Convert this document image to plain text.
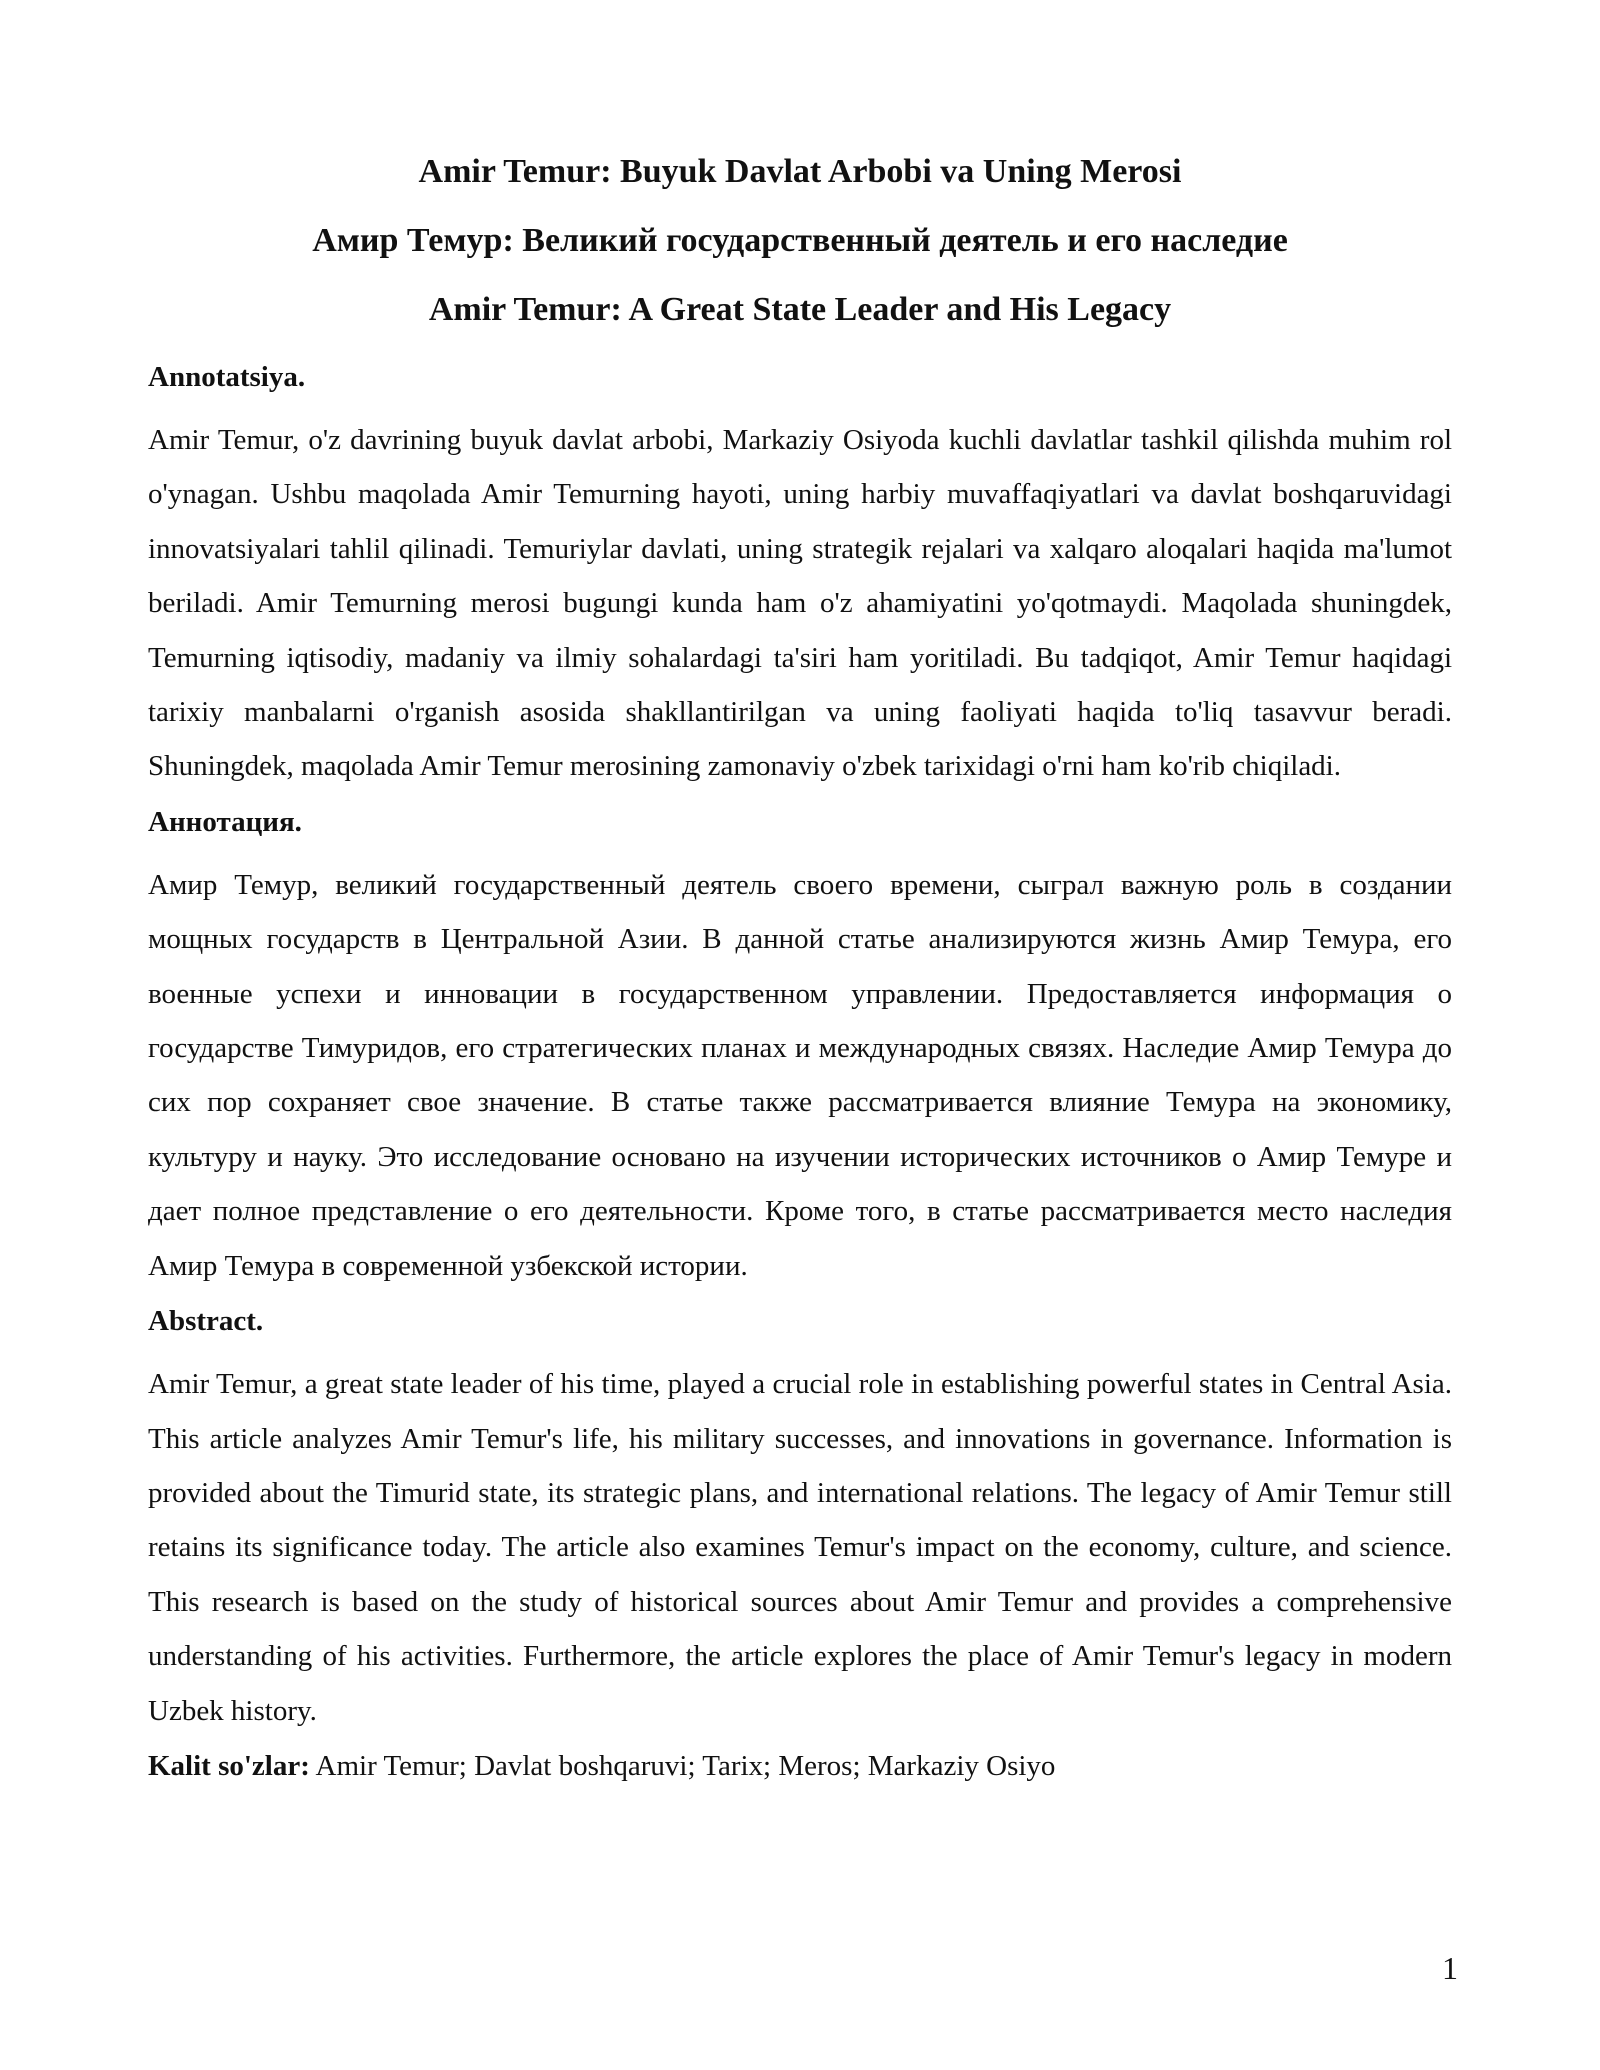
Amir Temur: Buyuk Davlat Arbobi va Uning Merosi
Амир Темур: Великий государственный деятель и его наследие
Amir Temur: A Great State Leader and His Legacy
Annotatsiya.

Amir Temur, o'z davrining buyuk davlat arbobi, Markaziy Osiyoda kuchli davlatlar tashkil qilishda muhim rol o'ynagan. Ushbu maqolada Amir Temurning hayoti, uning harbiy muvaffaqiyatlari va davlat boshqaruvidagi innovatsiyalari tahlil qilinadi. Temuriylar davlati, uning strategik rejalari va xalqaro aloqalari haqida ma'lumot beriladi. Amir Temurning merosi bugungi kunda ham o'z ahamiyatini yo'qotmaydi. Maqolada shuningdek, Temurning iqtisodiy, madaniy va ilmiy sohalardagi ta'siri ham yoritiladi. Bu tadqiqot, Amir Temur haqidagi tarixiy manbalarni o'rganish asosida shakllantirilgan va uning faoliyati haqida to'liq tasavvur beradi. Shuningdek, maqolada Amir Temur merosining zamonaviy o'zbek tarixidagi o'rni ham ko'rib chiqiladi.

Аннотация.

Амир Темур, великий государственный деятель своего времени, сыграл важную роль в создании мощных государств в Центральной Азии. В данной статье анализируются жизнь Амир Темура, его военные успехи и инновации в государственном управлении. Предоставляется информация о государстве Тимуридов, его стратегических планах и международных связях. Наследие Амир Темура до сих пор сохраняет свое значение. В статье также рассматривается влияние Темура на экономику, культуру и науку. Это исследование основано на изучении исторических источников о Амир Темуре и дает полное представление о его деятельности. Кроме того, в статье рассматривается место наследия Амир Темура в современной узбекской истории.

Abstract.

Amir Temur, a great state leader of his time, played a crucial role in establishing powerful states in Central Asia. This article analyzes Amir Temur's life, his military successes, and innovations in governance. Information is provided about the Timurid state, its strategic plans, and international relations. The legacy of Amir Temur still retains its significance today. The article also examines Temur's impact on the economy, culture, and science. This research is based on the study of historical sources about Amir Temur and provides a comprehensive understanding of his activities. Furthermore, the article explores the place of Amir Temur's legacy in modern Uzbek history.

Kalit so'zlar: Amir Temur; Davlat boshqaruvi; Tarix; Meros; Markaziy Osiyo

1
